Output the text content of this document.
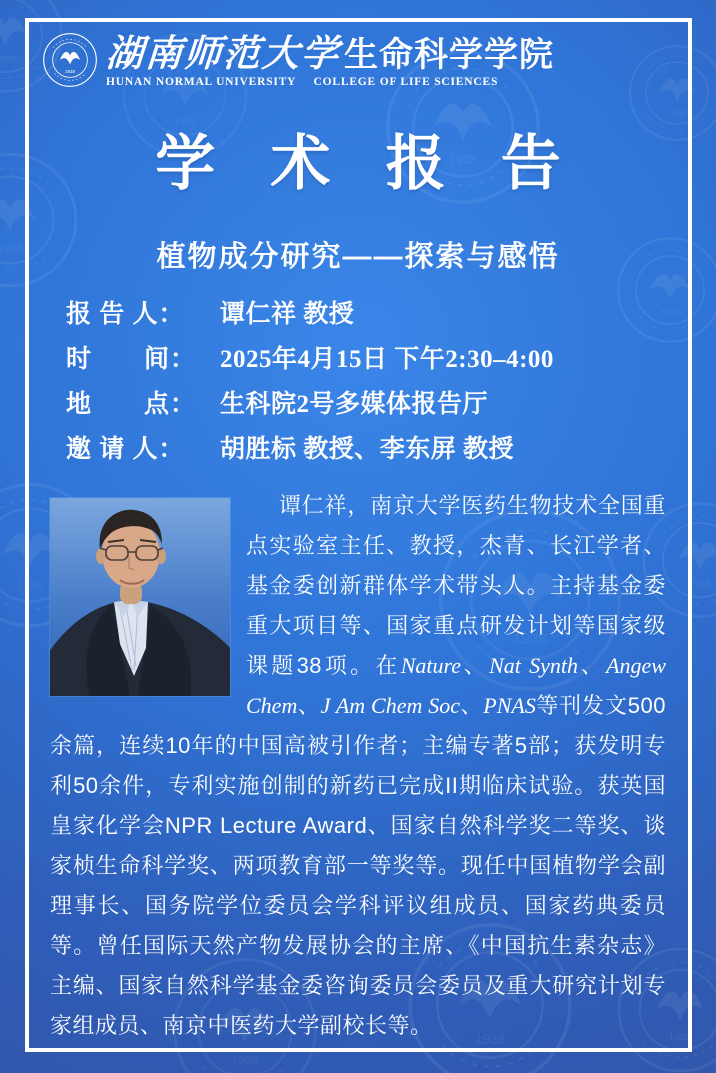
湖南师范大学 生命科学学院
HUNAN NORMAL UNIVERSITY COLLEGE OF LIFE SCIENCES
学术报告
植物成分研究——探索与感悟
报 告 人：	谭仁祥 教授
时　　间： 2025年4月15日 下午2:30–4:00
地　　点： 生科院2号多媒体报告厅
邀 请 人：	胡胜标 教授、李东屏 教授

谭仁祥，南京大学医药生物技术全国重点实验室主任、教授，杰青、长江学者、基金委创新群体学术带头人。主持基金委重大项目等、国家重点研发计划等国家级课题38项。在Nature、Nat Synth、Angew Chem、J Am Chem Soc、PNAS等刊发文500余篇，连续10年的中国高被引作者；主编专著5部；获发明专利50余件，专利实施创制的新药已完成II期临床试验。获英国皇家化学会NPR Lecture Award、国家自然科学奖二等奖、谈家桢生命科学奖、两项教育部一等奖等。现任中国植物学会副理事长、国务院学位委员会学科评议组成员、国家药典委员等。曾任国际天然产物发展协会的主席、《中国抗生素杂志》主编、国家自然科学基金委咨询委员会委员及重大研究计划专家组成员、南京中医药大学副校长等。
